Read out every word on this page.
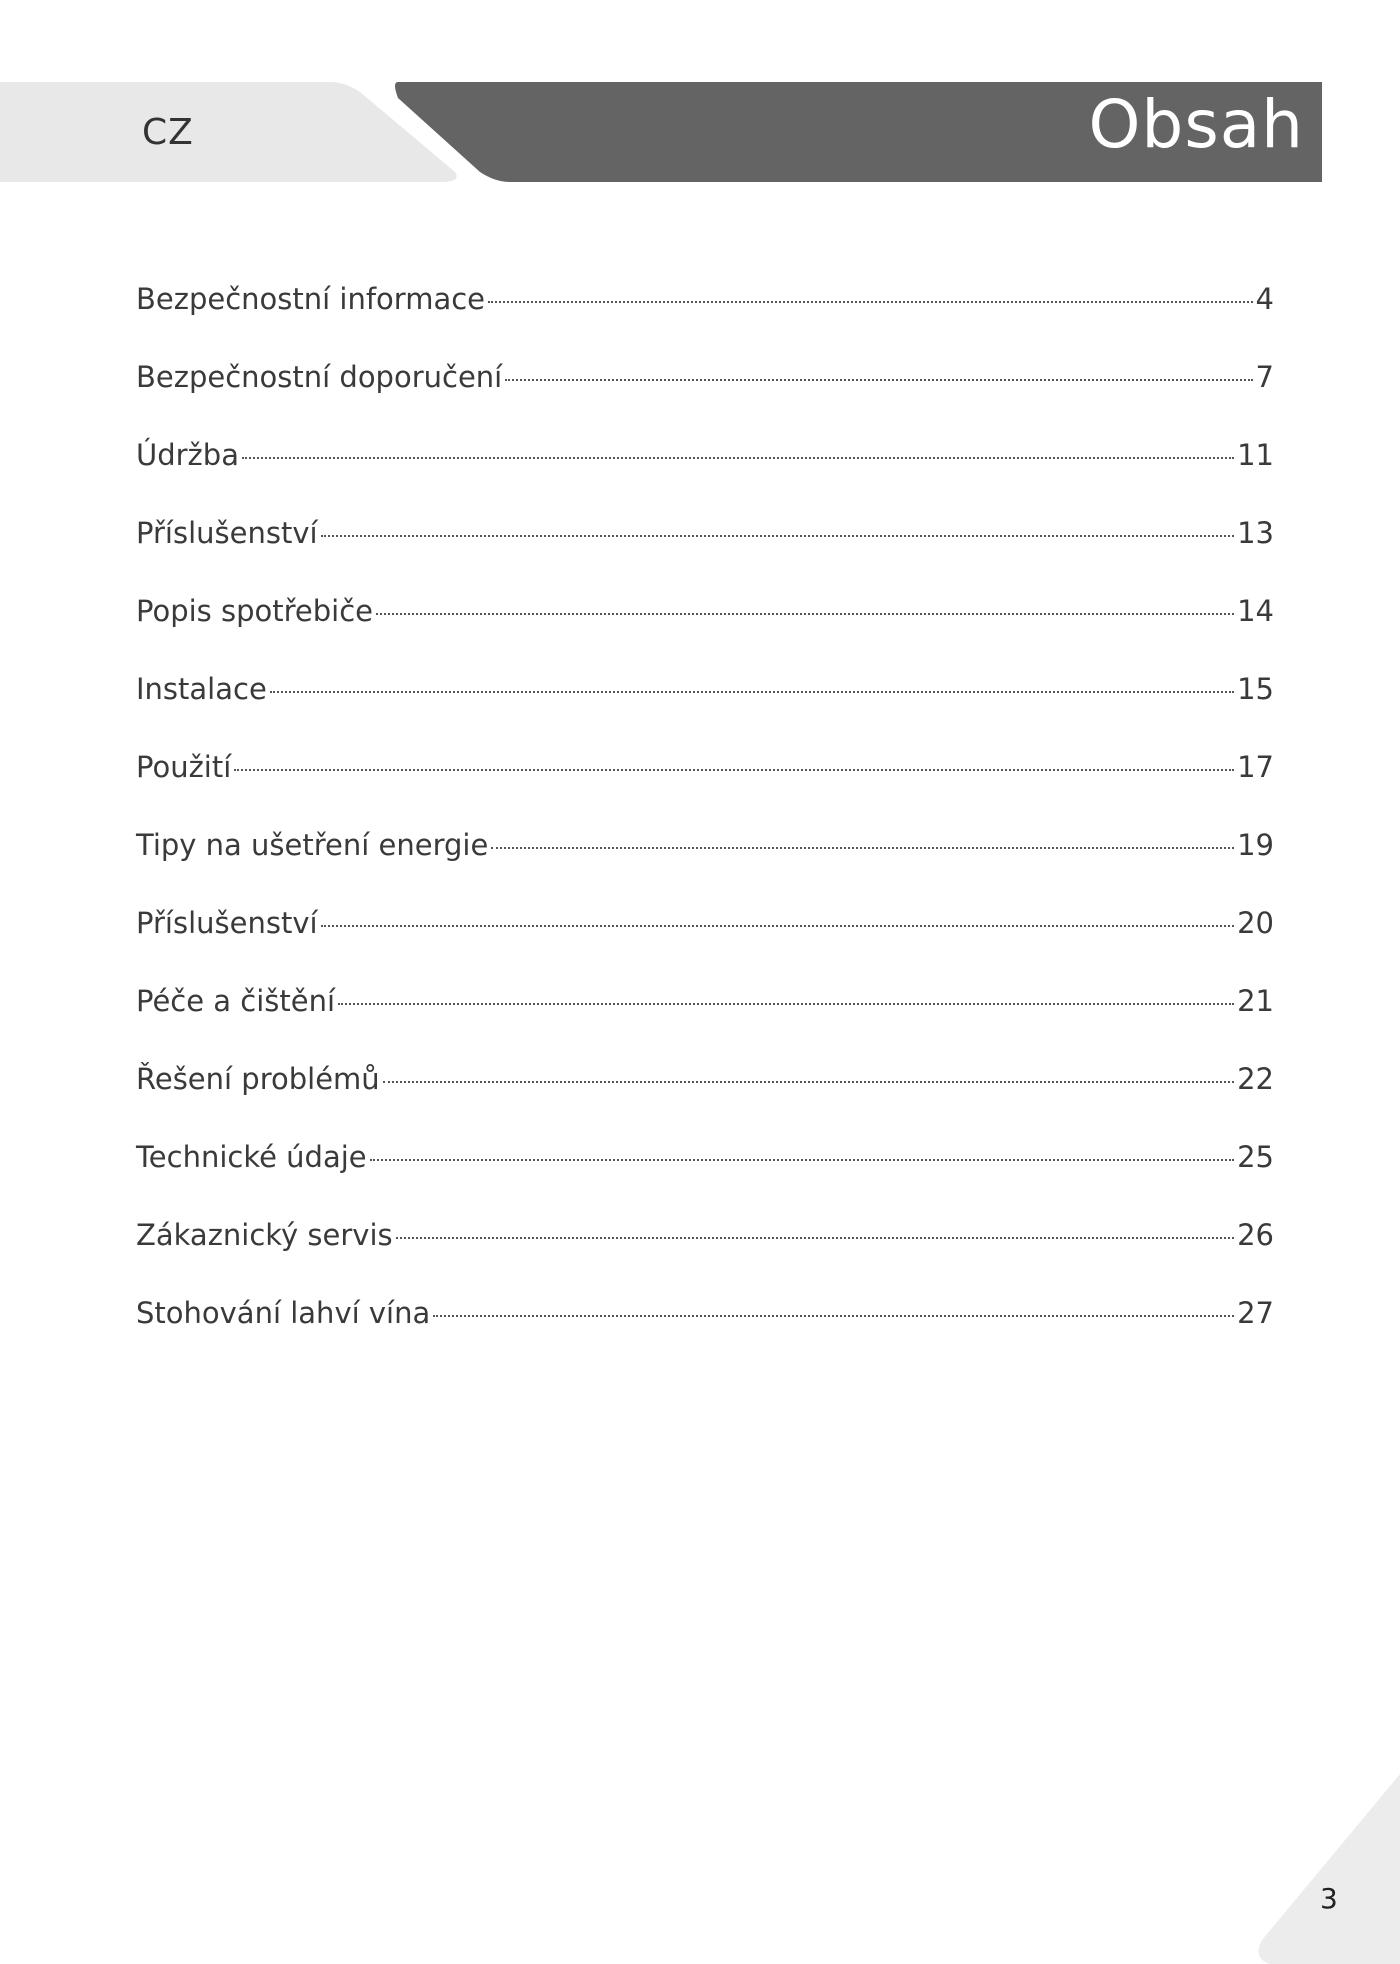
CZ	Obsah
Bezpečnostní informace	4
Bezpečnostní doporučení	7
Údržba	11
Příslušenství	13
Popis spotřebiče	14
Instalace	15
Použití	17
Tipy na ušetření energie	19
Příslušenství	20
Péče a čištění	21
Řešení problémů	22
Technické údaje	25
Zákaznický servis	26
Stohování lahví vína	27
3
